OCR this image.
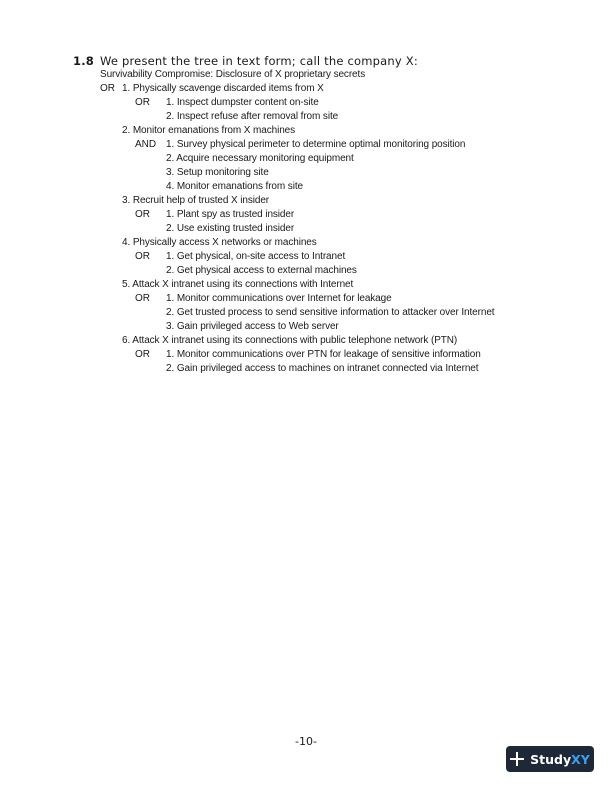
1.8 We present the tree in text form; call the company X:
Survivability Compromise: Disclosure of X proprietary secrets
OR 1. Physically scavenge discarded items from X
OR 1. Inspect dumpster content on-site
2. Inspect refuse after removal from site
2. Monitor emanations from X machines
AND 1. Survey physical perimeter to determine optimal monitoring position
2. Acquire necessary monitoring equipment
3. Setup monitoring site
4. Monitor emanations from site
3. Recruit help of trusted X insider
OR 1. Plant spy as trusted insider
2. Use existing trusted insider
4. Physically access X networks or machines
OR 1. Get physical, on-site access to Intranet
2. Get physical access to external machines
5. Attack X intranet using its connections with Internet
OR 1. Monitor communications over Internet for leakage
2. Get trusted process to send sensitive information to attacker over Internet
3. Gain privileged access to Web server
6. Attack X intranet using its connections with public telephone network (PTN)
OR 1. Monitor communications over PTN for leakage of sensitive information
2. Gain privileged access to machines on intranet connected via Internet
-10-
StudyXY
